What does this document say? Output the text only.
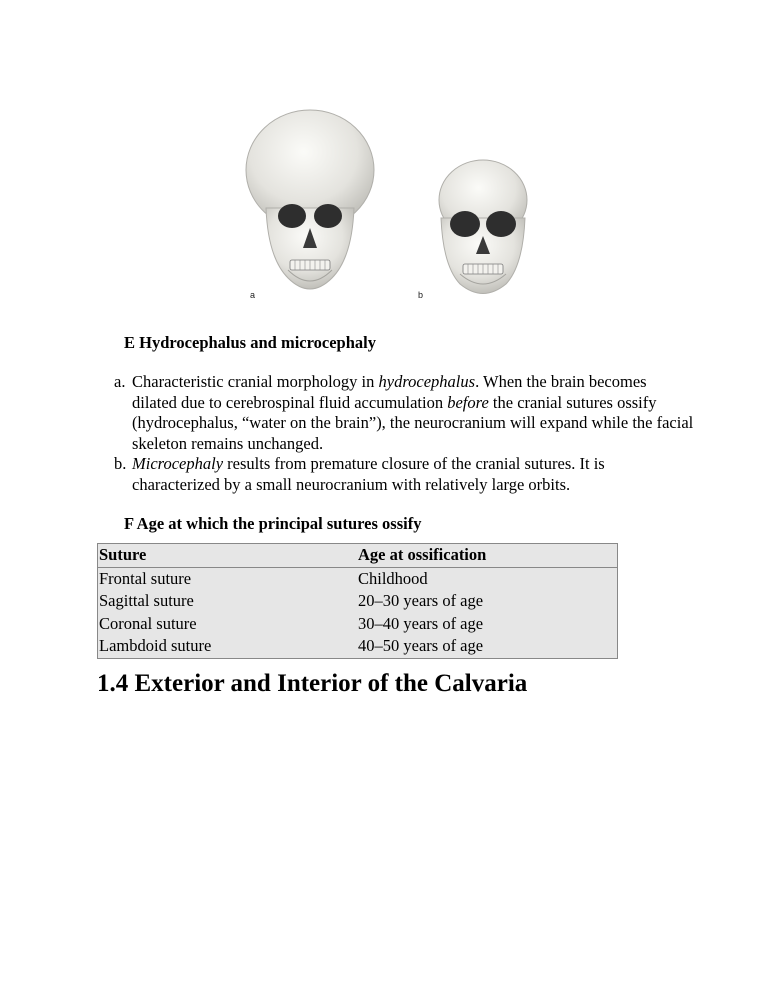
a	b
E Hydrocephalus and microcephaly
a. Characteristic cranial morphology in hydrocephalus. When the brain becomes dilated due to cerebrospinal fluid accumulation before the cranial sutures ossify (hydrocephalus, “water on the brain”), the neurocranium will expand while the facial skeleton remains unchanged.
b. Microcephaly results from premature closure of the cranial sutures. It is characterized by a small neurocranium with relatively large orbits.
F Age at which the principal sutures ossify
Suture	Age at ossification
Frontal suture	Childhood
Sagittal suture	20–30 years of age
Coronal suture	30–40 years of age
Lambdoid suture	40–50 years of age
1.4 Exterior and Interior of the Calvaria
